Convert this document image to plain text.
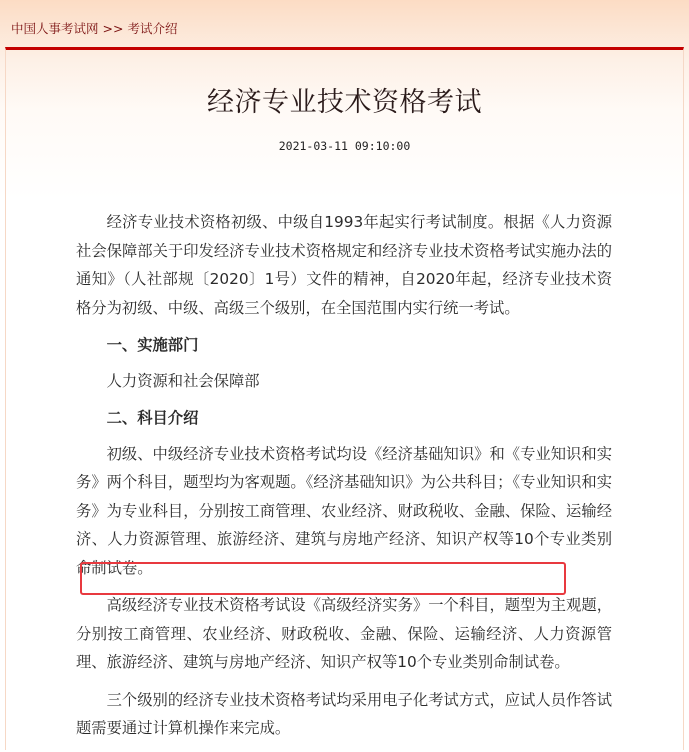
中国人事考试网 >> 考试介绍
经济专业技术资格考试
2021-03-11 09:10:00

经济专业技术资格初级、中级自1993年起实行考试制度。根据《人力资源社会保障部关于印发经济专业技术资格规定和经济专业技术资格考试实施办法的通知》（人社部规〔2020〕1号）文件的精神，自2020年起，经济专业技术资格分为初级、中级、高级三个级别，在全国范围内实行统一考试。

一、实施部门

人力资源和社会保障部

二、科目介绍

初级、中级经济专业技术资格考试均设《经济基础知识》和《专业知识和实务》两个科目，题型均为客观题。《经济基础知识》为公共科目；《专业知识和实务》为专业科目，分别按工商管理、农业经济、财政税收、金融、保险、运输经济、人力资源管理、旅游经济、建筑与房地产经济、知识产权等10个专业类别命制试卷。

高级经济专业技术资格考试设《高级经济实务》一个科目，题型为主观题，分别按工商管理、农业经济、财政税收、金融、保险、运输经济、人力资源管理、旅游经济、建筑与房地产经济、知识产权等10个专业类别命制试卷。

三个级别的经济专业技术资格考试均采用电子化考试方式，应试人员作答试题需要通过计算机操作来完成。
